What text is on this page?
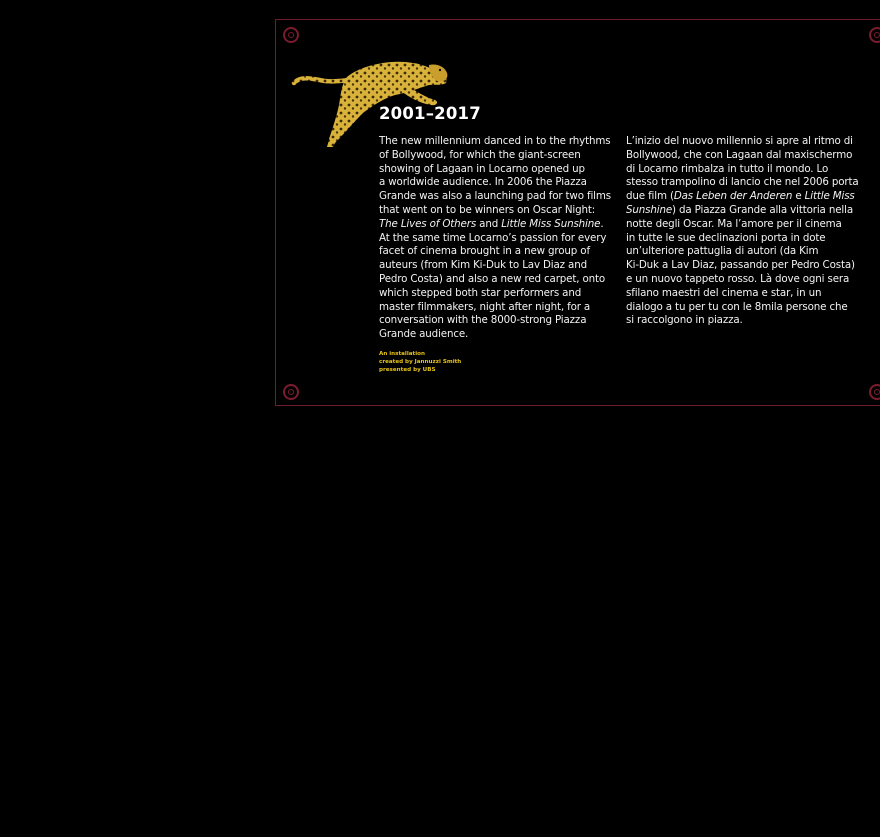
2001–2017
The new millennium danced in to the rhythms
of Bollywood, for which the giant-screen
showing of Lagaan in Locarno opened up
a worldwide audience. In 2006 the Piazza
Grande was also a launching pad for two films
that went on to be winners on Oscar Night:
The Lives of Others and Little Miss Sunshine.
At the same time Locarno’s passion for every
facet of cinema brought in a new group of
auteurs (from Kim Ki-Duk to Lav Diaz and
Pedro Costa) and also a new red carpet, onto
which stepped both star performers and
master filmmakers, night after night, for a
conversation with the 8000-strong Piazza
Grande audience.
L’inizio del nuovo millennio si apre al ritmo di
Bollywood, che con Lagaan dal maxischermo
di Locarno rimbalza in tutto il mondo. Lo
stesso trampolino di lancio che nel 2006 porta
due film (Das Leben der Anderen e Little Miss
Sunshine) da Piazza Grande alla vittoria nella
notte degli Oscar. Ma l’amore per il cinema
in tutte le sue declinazioni porta in dote
un’ulteriore pattuglia di autori (da Kim
Ki-Duk a Lav Diaz, passando per Pedro Costa)
e un nuovo tappeto rosso. Là dove ogni sera
sfilano maestri del cinema e star, in un
dialogo a tu per tu con le 8mila persone che
si raccolgono in piazza.
An installation
created by Jannuzzi Smith
presented by UBS
